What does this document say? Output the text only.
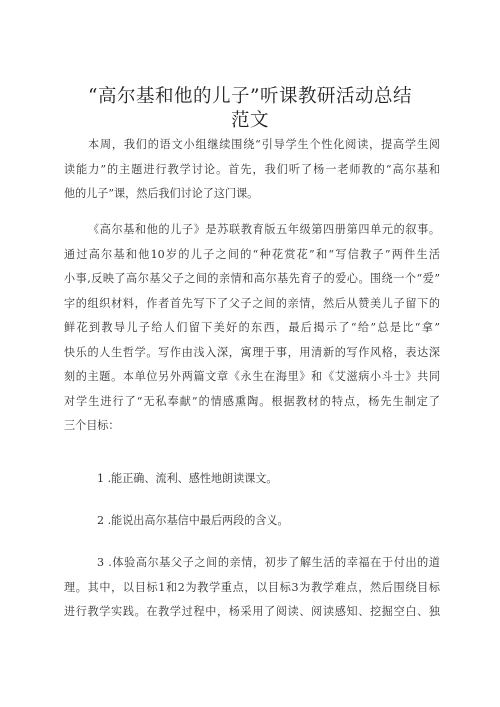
“高尔基和他的儿子”听课教研活动总结
范文

本周，我们的语文小组继续围绕“引导学生个性化阅读，提高学生阅
读能力”的主题进行教学讨论。首先，我们听了杨一老师教的“高尔基和
他的儿子”课，然后我们讨论了这门课。

《高尔基和他的儿子》是苏联教育版五年级第四册第四单元的叙事。
通过高尔基和他10岁的儿子之间的“种花赏花”和“写信教子”两件生活
小事,反映了高尔基父子之间的亲情和高尔基先育子的爱心。围绕一个“爱”
字的组织材料，作者首先写下了父子之间的亲情，然后从赞美儿子留下的
鲜花到教导儿子给人们留下美好的东西，最后揭示了“给”总是比“拿”
快乐的人生哲学。写作由浅入深，寓理于事，用清新的写作风格，表达深
刻的主题。本单位另外两篇文章《永生在海里》和《艾滋病小斗士》共同
对学生进行了“无私奉献”的情感熏陶。根据教材的特点，杨先生制定了
三个目标：

1 .能正确、流利、感性地朗读课文。

2 .能说出高尔基信中最后两段的含义。

3 .体验高尔基父子之间的亲情，初步了解生活的幸福在于付出的道
理。其中，以目标1和2为教学重点，以目标3为教学难点，然后围绕目标
进行教学实践。在教学过程中，杨采用了阅读、阅读感知、挖掘空白、独
